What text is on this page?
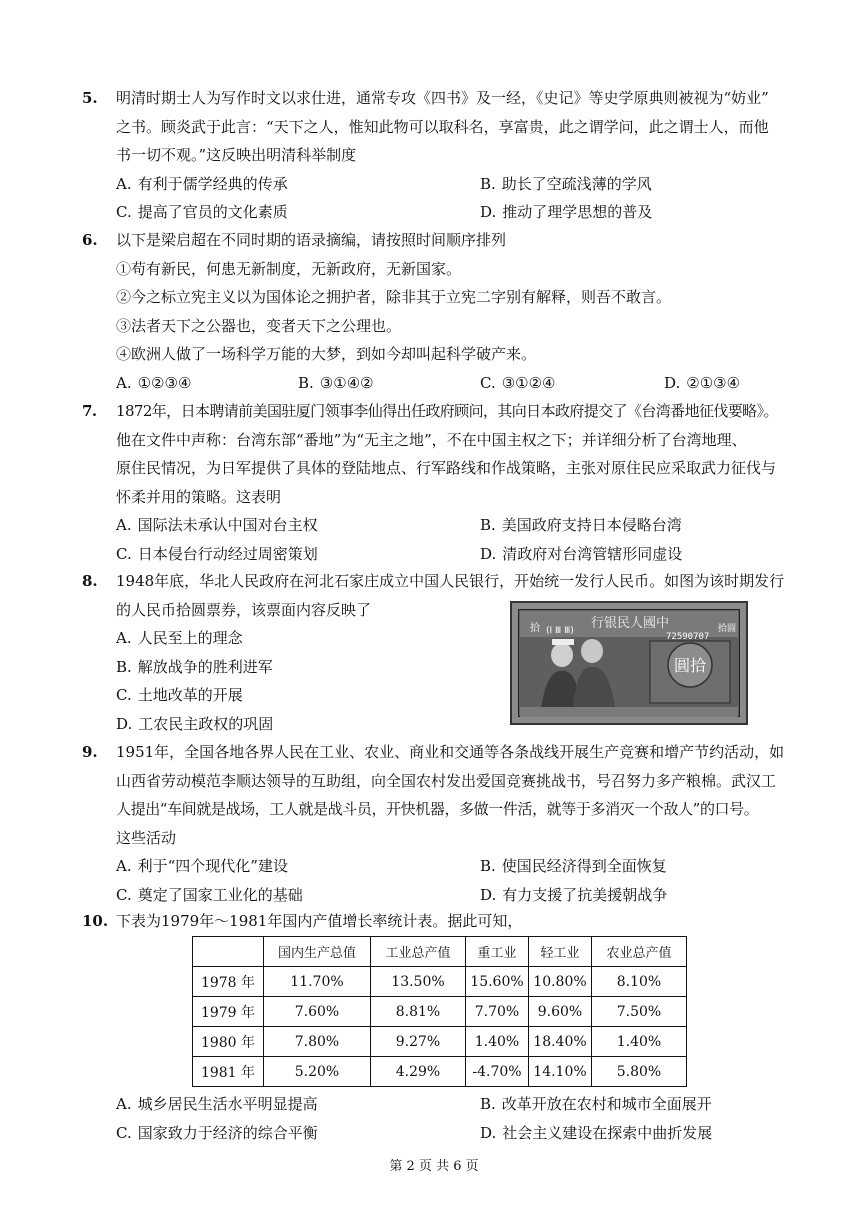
5. 明清时期士人为写作时文以求仕进，通常专攻《四书》及一经，《史记》等史学原典则被视为“妨业”
之书。顾炎武于此言：“天下之人，惟知此物可以取科名，享富贵，此之谓学问，此之谓士人，而他
书一切不观。”这反映出明清科举制度
A. 有利于儒学经典的传承	B. 助长了空疏浅薄的学风
C. 提高了官员的文化素质	D. 推动了理学思想的普及
6. 以下是梁启超在不同时期的语录摘编，请按照时间顺序排列
①苟有新民，何患无新制度，无新政府，无新国家。
②今之标立宪主义以为国体论之拥护者，除非其于立宪二字别有解释，则吾不敢言。
③法者天下之公器也，变者天下之公理也。
④欧洲人做了一场科学万能的大梦，到如今却叫起科学破产来。
A. ①②③④	B. ③①④②	C. ③①②④	D. ②①③④
7. 1872年，日本聘请前美国驻厦门领事李仙得出任政府顾问，其向日本政府提交了《台湾番地征伐要略》。
他在文件中声称：台湾东部“番地”为“无主之地”，不在中国主权之下；并详细分析了台湾地理、
原住民情况，为日军提供了具体的登陆地点、行军路线和作战策略，主张对原住民应采取武力征伐与
怀柔并用的策略。这表明
A. 国际法未承认中国对台主权	B. 美国政府支持日本侵略台湾
C. 日本侵台行动经过周密策划	D. 清政府对台湾管辖形同虚设
8. 1948年底，华北人民政府在河北石家庄成立中国人民银行，开始统一发行人民币。如图为该时期发行
的人民币拾圆票券，该票面内容反映了
A. 人民至上的理念
B. 解放战争的胜利进军
C. 土地改革的开展
D. 工农民主政权的巩固
行银民人國中
(Ⅰ Ⅲ Ⅲ)
72590707
圓拾
拾	拾圓
9. 1951年，全国各地各界人民在工业、农业、商业和交通等各条战线开展生产竞赛和增产节约活动，如
山西省劳动模范李顺达领导的互助组，向全国农村发出爱国竞赛挑战书，号召努力多产粮棉。武汉工
人提出“车间就是战场，工人就是战斗员，开快机器，多做一件活，就等于多消灭一个敌人”的口号。
这些活动
A. 利于“四个现代化”建设	B. 使国民经济得到全面恢复
C. 奠定了国家工业化的基础	D. 有力支援了抗美援朝战争
10. 下表为1979年～1981年国内产值增长率统计表。据此可知，
	国内生产总值	工业总产值	重工业	轻工业	农业总产值
1978 年	11.70%	13.50%	15.60%	10.80%	8.10%
1979 年	7.60%	8.81%	7.70%	9.60%	7.50%
1980 年	7.80%	9.27%	1.40%	18.40%	1.40%
1981 年	5.20%	4.29%	-4.70%	14.10%	5.80%
A. 城乡居民生活水平明显提高	B. 改革开放在农村和城市全面展开
C. 国家致力于经济的综合平衡	D. 社会主义建设在探索中曲折发展
第 2 页 共 6 页
